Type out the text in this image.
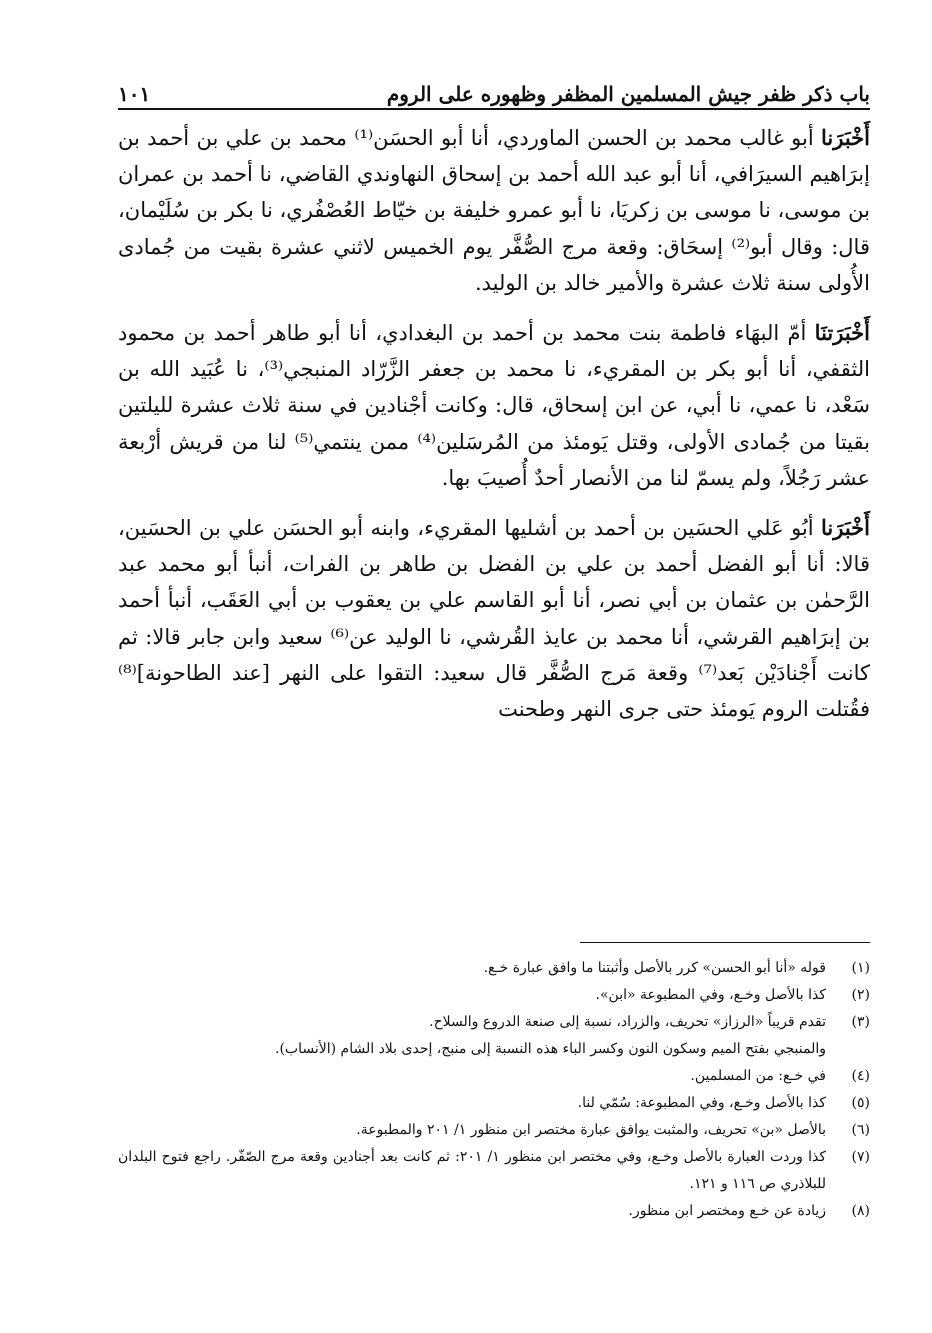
باب ذكر ظفر جيش المسلمين المظفر وظهوره على الروم
١٠١

أَخْبَرَنا أبو غالب محمد بن الحسن الماوردي، أنا أبو الحسَن⁽¹⁾ محمد بن علي بن أحمد بن إبرَاهيم السيرَافي، أنا أبو عبد الله أحمد بن إسحاق النهاوندي القاضي، نا أحمد بن عمران بن موسى، نا موسى بن زكريَا، نا أبو عمرو خليفة بن خيّاط العُصْفُري، نا بكر بن سُلَيْمان، قال: وقال أبو⁽²⁾ إسحَاق: وقعة مرج الصُّفَّر يوم الخميس لاثني عشرة بقيت من جُمادى الأُولى سنة ثلاث عشرة والأمير خالد بن الوليد.

أَخْبَرَتنَا أمّ البهَاء فاطمة بنت محمد بن أحمد بن البغدادي، أنا أبو طاهر أحمد بن محمود الثقفي، أنا أبو بكر بن المقريء، نا محمد بن جعفر الزَّرّاد المنبجي⁽³⁾، نا عُبَيد الله بن سَعْد، نا عمي، نا أبي، عن ابن إسحاق، قال: وكانت أجْنادين في سنة ثلاث عشرة لليلتين بقيتا من جُمادى الأولى، وقتل يَومئذ من المُرسَلين⁽⁴⁾ ممن ينتمي⁽⁵⁾ لنا من قريش أرْبعة عشر رَجُلاً، ولم يسمّ لنا من الأنصار أحدٌ أُصيبَ بها.

أَخْبَرَنا أبُو عَلي الحسَين بن أحمد بن أشليها المقريء، وابنه أبو الحسَن علي بن الحسَين، قالا: أنا أبو الفضل أحمد بن علي بن الفضل بن طاهر بن الفرات، أنبأ أبو محمد عبد الرَّحمٰن بن عثمان بن أبي نصر، أنا أبو القاسم علي بن يعقوب بن أبي العَقَب، أنبأ أحمد بن إبرَاهيم القرشي، أنا محمد بن عايذ القُرشي، نا الوليد عن⁽⁶⁾ سعيد وابن جابر قالا: ثم كانت أَجْنادَيْن بَعد⁽⁷⁾ وقعة مَرج الصُّفَّر قال سعيد: التقوا على النهر [عند الطاحونة]⁽⁸⁾ فقُتلت الروم يَومئذ حتى جرى النهر وطحنت

(١)
قوله «أنا أبو الحسن» كرر بالأصل وأثبتنا ما وافق عبارة خـع.
(٢)
كذا بالأصل وخـع، وفي المطبوعة «ابن».
(٣)
تقدم قريباً «الرزاز» تحريف، والزراد، نسبة إلى صنعة الدروع والسلاح.
والمنبجي بفتح الميم وسكون النون وكسر الباء هذه النسبة إلى منبج، إحدى بلاد الشام (الأنساب).
(٤)
في خـع: من المسلمين.
(٥)
كذا بالأصل وخـع، وفي المطبوعة: سُمّي لنا.
(٦)
بالأصل «بن» تحريف، والمثبت يوافق عبارة مختصر ابن منظور ١/ ٢٠١ والمطبوعة.
(٧)
كذا وردت العبارة بالأصل وخـع، وفي مختصر ابن منظور ١/ ٢٠١: ثم كانت بعد أجنادين وقعة مرج الصّفّر. راجع فتوح البلدان للبلاذري ص ١١٦ و ١٢١.
(٨)
زيادة عن خـع ومختصر ابن منظور.
